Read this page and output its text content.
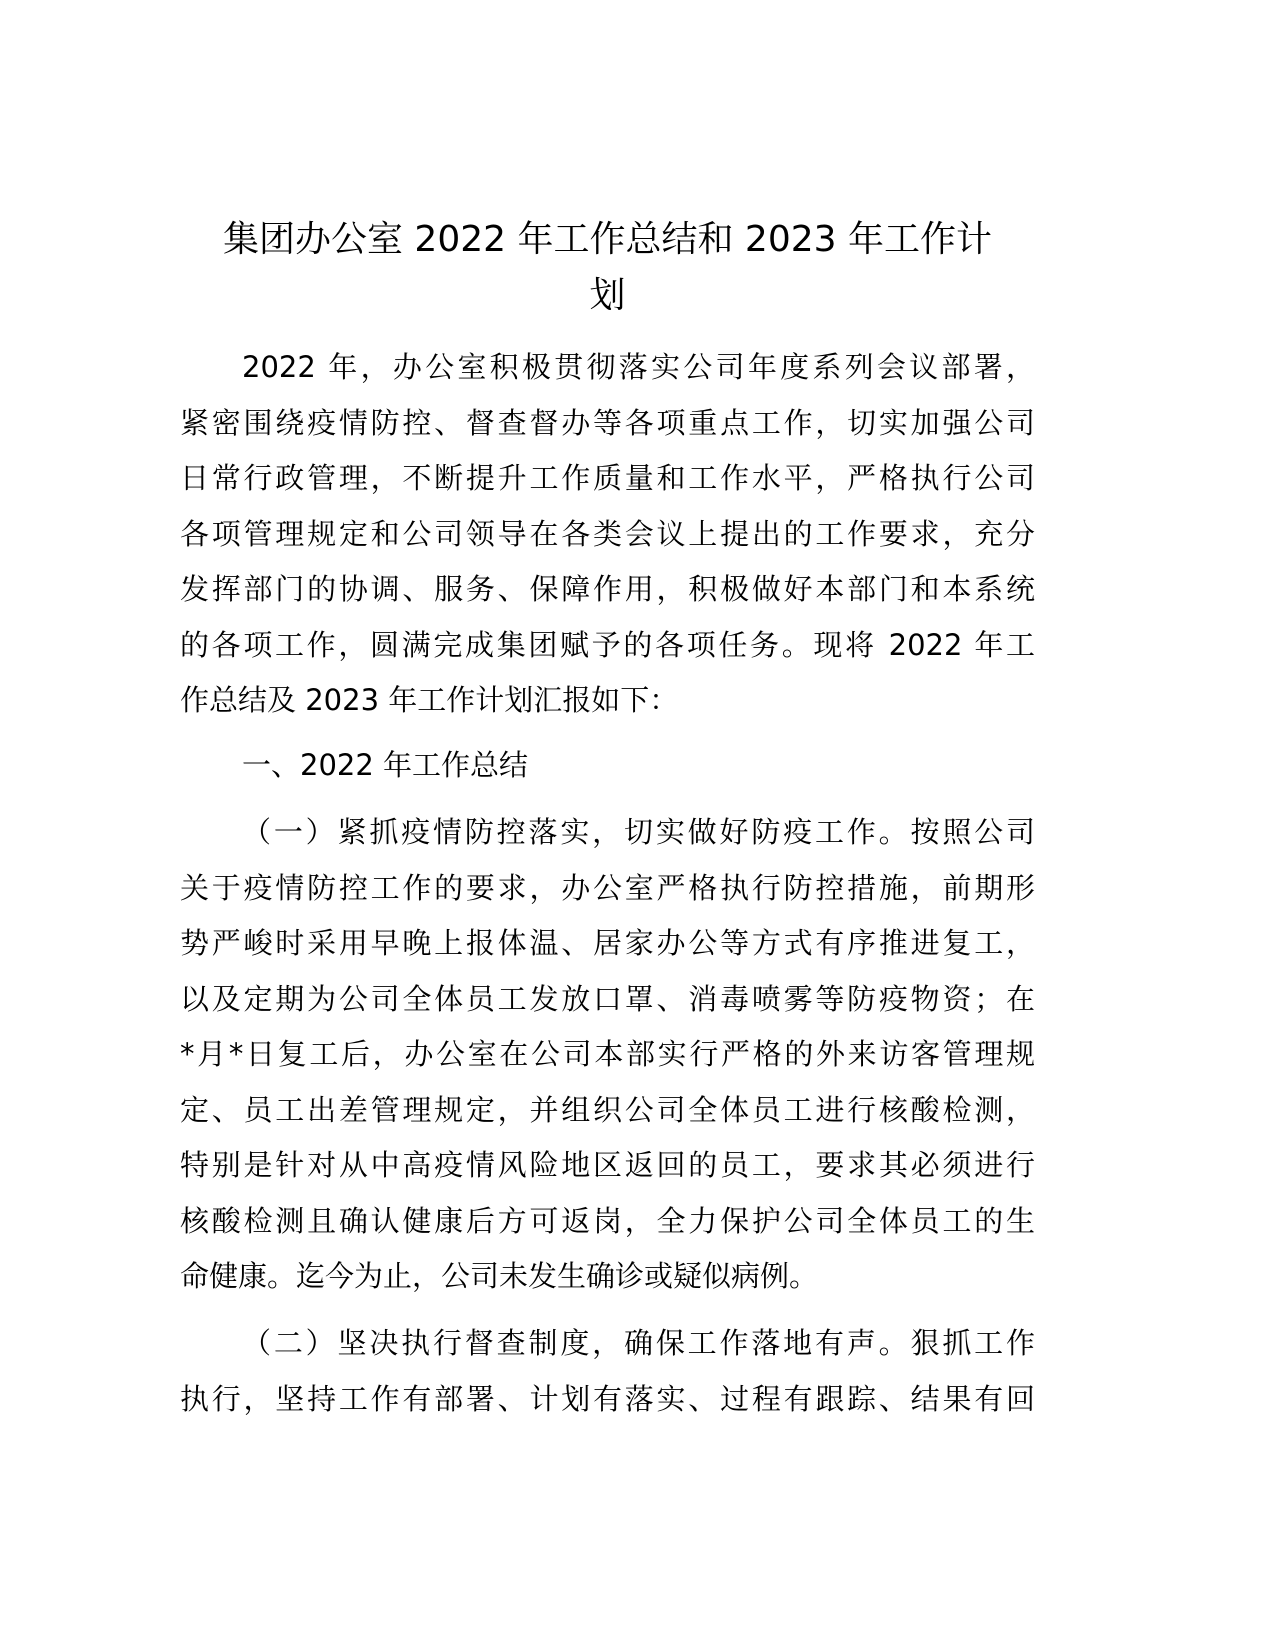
集团办公室 2022 年工作总结和 2023 年工作计
划
2022 年，办公室积极贯彻落实公司年度系列会议部署，
紧密围绕疫情防控、督查督办等各项重点工作，切实加强公司
日常行政管理，不断提升工作质量和工作水平，严格执行公司
各项管理规定和公司领导在各类会议上提出的工作要求，充分
发挥部门的协调、服务、保障作用，积极做好本部门和本系统
的各项工作，圆满完成集团赋予的各项任务。现将 2022 年工
作总结及 2023 年工作计划汇报如下：
一、2022 年工作总结
（一）紧抓疫情防控落实，切实做好防疫工作。按照公司
关于疫情防控工作的要求，办公室严格执行防控措施，前期形
势严峻时采用早晚上报体温、居家办公等方式有序推进复工，
以及定期为公司全体员工发放口罩、消毒喷雾等防疫物资；在
*月*日复工后，办公室在公司本部实行严格的外来访客管理规
定、员工出差管理规定，并组织公司全体员工进行核酸检测，
特别是针对从中高疫情风险地区返回的员工，要求其必须进行
核酸检测且确认健康后方可返岗，全力保护公司全体员工的生
命健康。迄今为止，公司未发生确诊或疑似病例。
（二）坚决执行督查制度，确保工作落地有声。狠抓工作
执行，坚持工作有部署、计划有落实、过程有跟踪、结果有回
